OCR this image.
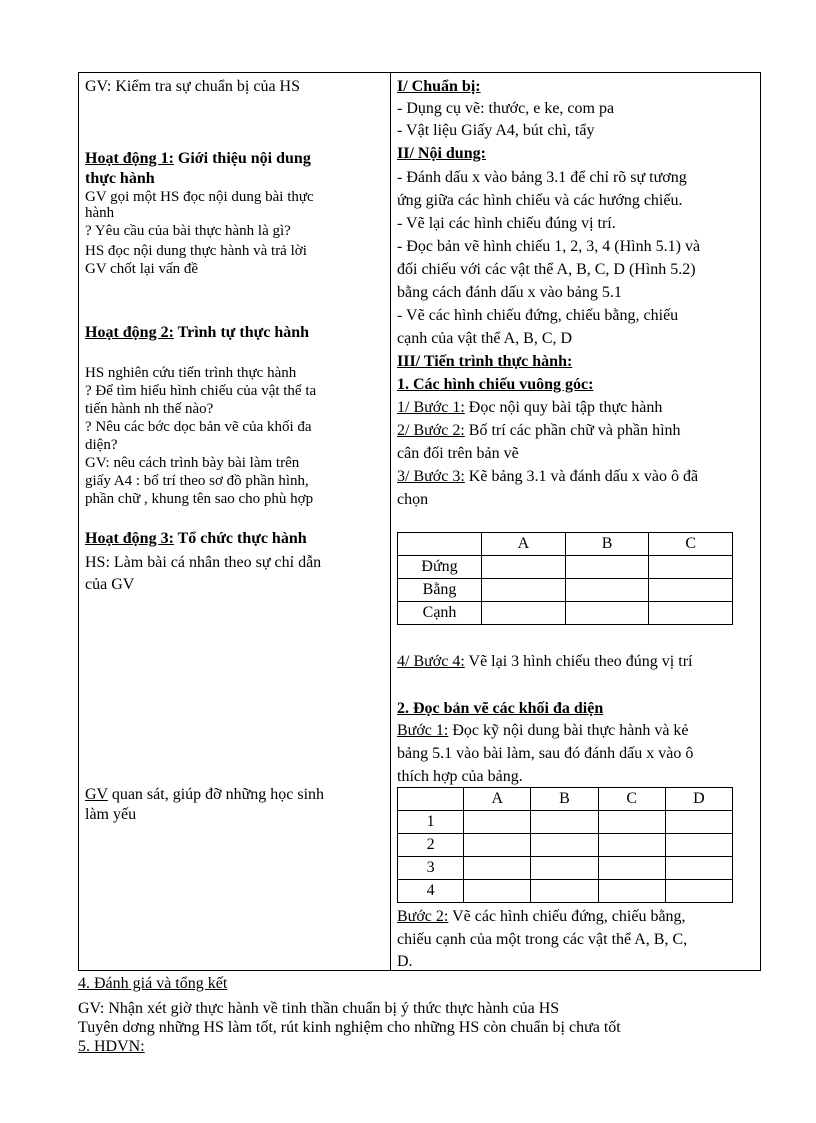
GV: Kiểm tra sự chuẩn bị của HS
Hoạt động 1: Giới thiệu nội dung
thực hành
GV gọi một HS đọc nội dung bài thực
hành
? Yêu cầu của bài thực hành là gì?
HS đọc nội dung thực hành và trả lời
GV chốt lại vấn đề
Hoạt động 2: Trình tự thực hành
HS nghiên cứu tiến trình thực hành
? Để tìm hiểu hình chiếu của vật thể ta
tiến hành nh thế nào?
? Nêu các bớc dọc bản vẽ của khối đa
diện?
GV: nêu cách trình bày bài làm trên
giấy A4 : bố trí theo sơ đồ phần hình,
phần chữ , khung tên sao cho phù hợp
Hoạt động 3: Tổ chức thực hành
HS: Làm bài cá nhân theo sự chỉ dẫn
của GV
GV quan sát, giúp đỡ những học sinh
làm yếu
I/ Chuẩn bị:
- Dụng cụ vẽ: thước, e ke, com pa
- Vật liệu Giấy A4, bút chì, tẩy
II/ Nội dung:
- Đánh dấu x vào bảng 3.1 để chỉ rõ sự tương
ứng giữa các hình chiếu và các hướng chiếu.
- Vẽ lại các hình chiếu đúng vị trí.
- Đọc bản vẽ hình chiếu 1, 2, 3, 4 (Hình 5.1) và
đối chiếu với các vật thể A, B, C, D (Hình 5.2)
bằng cách đánh dấu x vào bảng 5.1
- Vẽ các hình chiếu đứng, chiếu bằng, chiếu
cạnh của vật thể A, B, C, D
III/ Tiến trình thực hành:
1. Các hình chiếu vuông góc:
1/ Bước 1: Đọc nội quy bài tập thực hành
2/ Bước 2: Bố trí các phần chữ và phần hình
cân đối trên bản vẽ
3/ Bước 3: Kẽ bảng 3.1 và đánh dấu x vào ô đã
chọn
	A	B	C
Đứng			
Bằng			
Cạnh			
4/ Bước 4: Vẽ lại 3 hình chiếu theo đúng vị trí
2. Đọc bản vẽ các khối đa diện
Bước 1: Đọc kỹ nội dung bài thực hành và kẻ
bảng 5.1 vào bài làm, sau đó đánh dấu x vào ô
thích hợp của bảng.
	A	B	C	D
1				
2				
3				
4				
Bước 2: Vẽ các hình chiếu đứng, chiếu bằng,
chiếu cạnh của một trong các vật thể A, B, C,
D.
4. Đánh giá và tổng kết
GV: Nhận xét giờ thực hành về tinh thần chuẩn bị ý thức thực hành của HS
Tuyên dơng những HS làm tốt, rút kinh nghiệm cho những HS còn chuẩn bị chưa tốt
5. HDVN:
